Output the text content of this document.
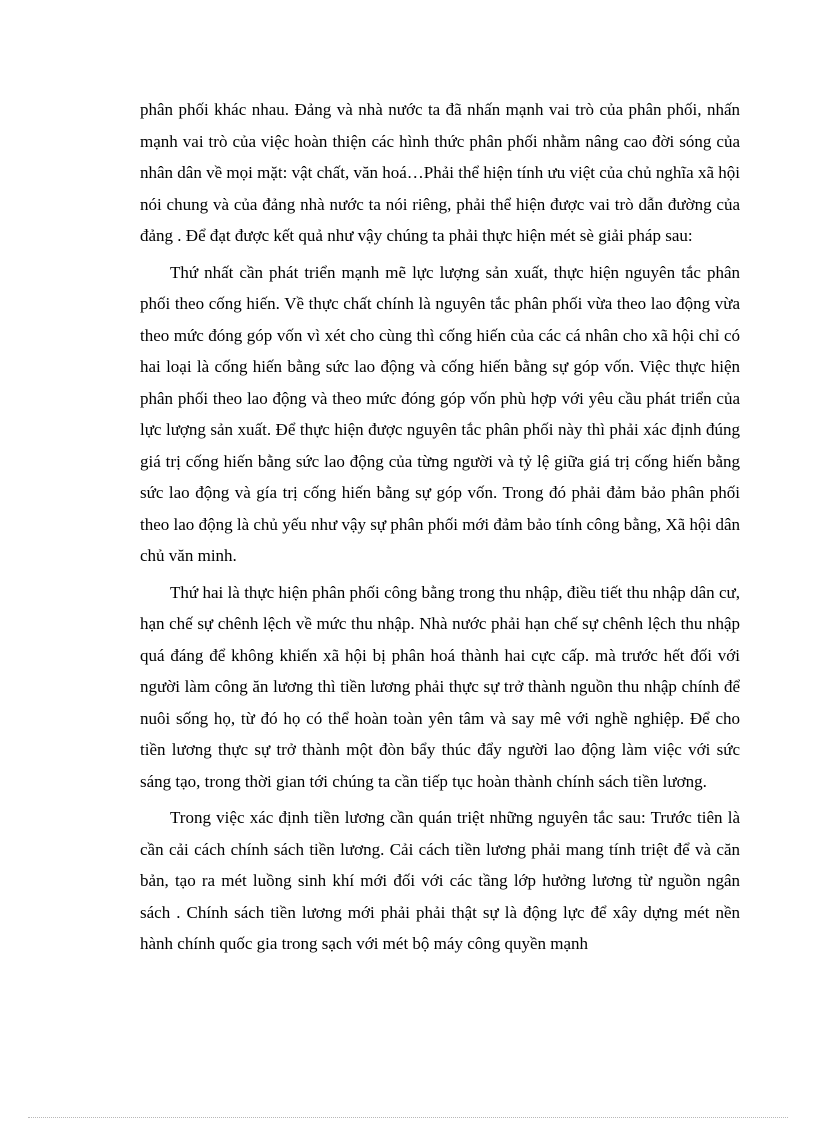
phân phối khác nhau. Đảng và nhà nước ta đã nhấn mạnh vai trò của phân phối, nhấn mạnh vai trò của việc hoàn thiện các hình thức phân phối nhằm nâng cao đời sóng của nhân dân về mọi mặt: vật chất, văn hoá…Phải thể hiện tính ưu việt của chủ nghĩa xã hội nói chung và của đảng nhà nước ta nói riêng, phải thể hiện được vai trò dẫn đường của đảng . Để đạt được kết quả như vậy chúng ta phải thực hiện mét sè giải pháp sau:

Thứ nhất cần phát triển mạnh mẽ lực lượng sản xuất, thực hiện nguyên tắc phân phối theo cống hiến. Về thực chất chính là nguyên tắc phân phối vừa theo lao động vừa theo mức đóng góp vốn vì xét cho cùng thì cống hiến của các cá nhân cho xã hội chỉ có hai loại là cống hiến bằng sức lao động và cống hiến bằng sự góp vốn. Việc thực hiện phân phối theo lao động và theo mức đóng góp vốn phù hợp với yêu cầu phát triển của lực lượng sản xuất. Để thực hiện được nguyên tắc phân phối này thì phải xác định đúng giá trị cống hiến bằng sức lao động của từng người và tỷ lệ giữa giá trị cống hiến bằng sức lao động và gía trị cống hiến bằng sự góp vốn. Trong đó phải đảm bảo phân phối theo lao động là chủ yếu như vậy sự phân phối mới đảm bảo tính công bằng, Xã hội dân chủ văn minh.

Thứ hai là thực hiện phân phối công bằng trong thu nhập, điều tiết thu nhập dân cư, hạn chế sự chênh lệch về mức thu nhập. Nhà nước phải hạn chế sự chênh lệch thu nhập quá đáng để không khiến xã hội bị phân hoá thành hai cực cấp. mà trước hết đối với người làm công ăn lương thì tiền lương phải thực sự trở thành nguồn thu nhập chính để nuôi sống họ, từ đó họ có thể hoàn toàn yên tâm và say mê với nghề nghiệp. Để cho tiền lương thực sự trở thành một đòn bẩy thúc đẩy người lao động làm việc với sức sáng tạo, trong thời gian tới chúng ta cần tiếp tục hoàn thành chính sách tiền lương.

Trong việc xác định tiền lương cần quán triệt những nguyên tắc sau: Trước tiên là cần cải cách chính sách tiền lương. Cải cách tiền lương phải mang tính triệt để và căn bản, tạo ra mét luồng sinh khí mới đối với các tầng lớp hưởng lương từ nguồn ngân sách . Chính sách tiền lương mới phải phải thật sự là động lực để xây dựng mét nền hành chính quốc gia trong sạch với mét bộ máy công quyền mạnh
